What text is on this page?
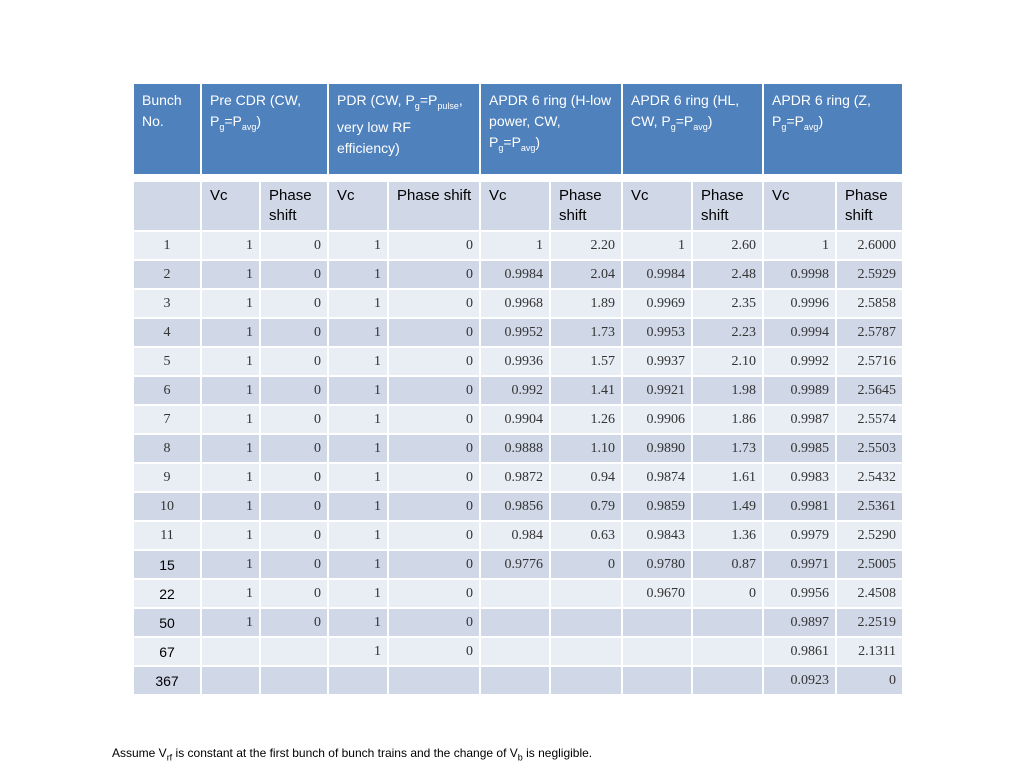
Bunch No.	Pre CDR (CW, $P_g=P_{avg}$)		PDR (CW, $P_g=P_{pulse}$, very low RF efficiency)		APDR 6 ring (H-low power, CW, $P_g=P_{avg}$)		APDR 6 ring (HL, CW, $P_g=P_{avg}$)		APDR 6 ring (Z, $P_g=P_{avg}$)	

	Vc	Phase shift	Vc	Phase shift	Vc	Phase shift	Vc	Phase shift	Vc	Phase shift
1	1	0	1	0	1	2.20	1	2.60	1	2.6000
2	1	0	1	0	0.9984	2.04	0.9984	2.48	0.9998	2.5929
3	1	0	1	0	0.9968	1.89	0.9969	2.35	0.9996	2.5858
4	1	0	1	0	0.9952	1.73	0.9953	2.23	0.9994	2.5787
5	1	0	1	0	0.9936	1.57	0.9937	2.10	0.9992	2.5716
6	1	0	1	0	0.992	1.41	0.9921	1.98	0.9989	2.5645
7	1	0	1	0	0.9904	1.26	0.9906	1.86	0.9987	2.5574
8	1	0	1	0	0.9888	1.10	0.9890	1.73	0.9985	2.5503
9	1	0	1	0	0.9872	0.94	0.9874	1.61	0.9983	2.5432
10	1	0	1	0	0.9856	0.79	0.9859	1.49	0.9981	2.5361
11	1	0	1	0	0.984	0.63	0.9843	1.36	0.9979	2.5290
15	1	0	1	0	0.9776	0	0.9780	0.87	0.9971	2.5005
22	1	0	1	0			0.9670	0	0.9956	2.4508
50	1	0	1	0					0.9897	2.2519
67			1	0					0.9861	2.1311
367									0.0923	0
Assume $V_{rf}$ is constant at the first bunch of bunch trains and the change of $V_b$ is negligible.
